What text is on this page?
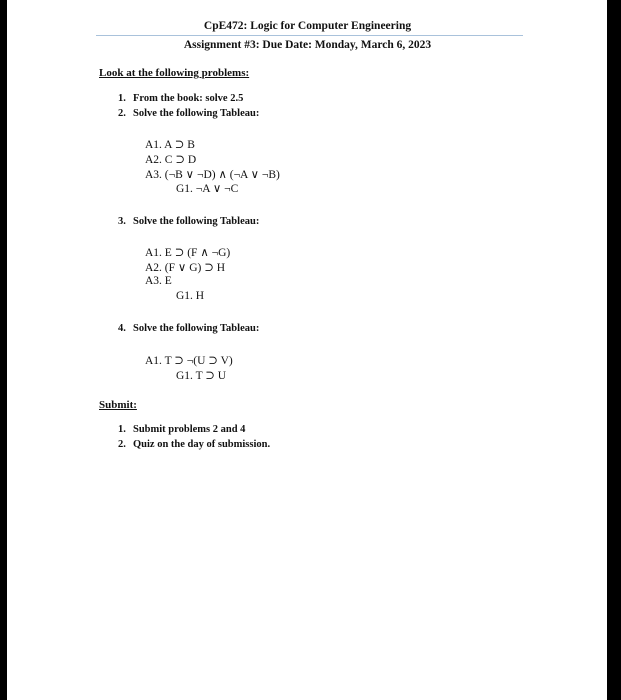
CpE472: Logic for Computer Engineering
Assignment #3: Due Date: Monday, March 6, 2023
Look at the following problems:
1. From the book: solve 2.5
2. Solve the following Tableau:
A1. A ⊃ B
A2. C ⊃ D
A3. (¬B ∨ ¬D) ∧ (¬A ∨ ¬B)
G1. ¬A ∨ ¬C
3. Solve the following Tableau:
A1. E ⊃ (F ∧ ¬G)
A2. (F ∨ G) ⊃ H
A3. E
G1. H
4. Solve the following Tableau:
A1. T ⊃ ¬(U ⊃ V)
G1. T ⊃ U
Submit:
1. Submit problems 2 and 4
2. Quiz on the day of submission.
